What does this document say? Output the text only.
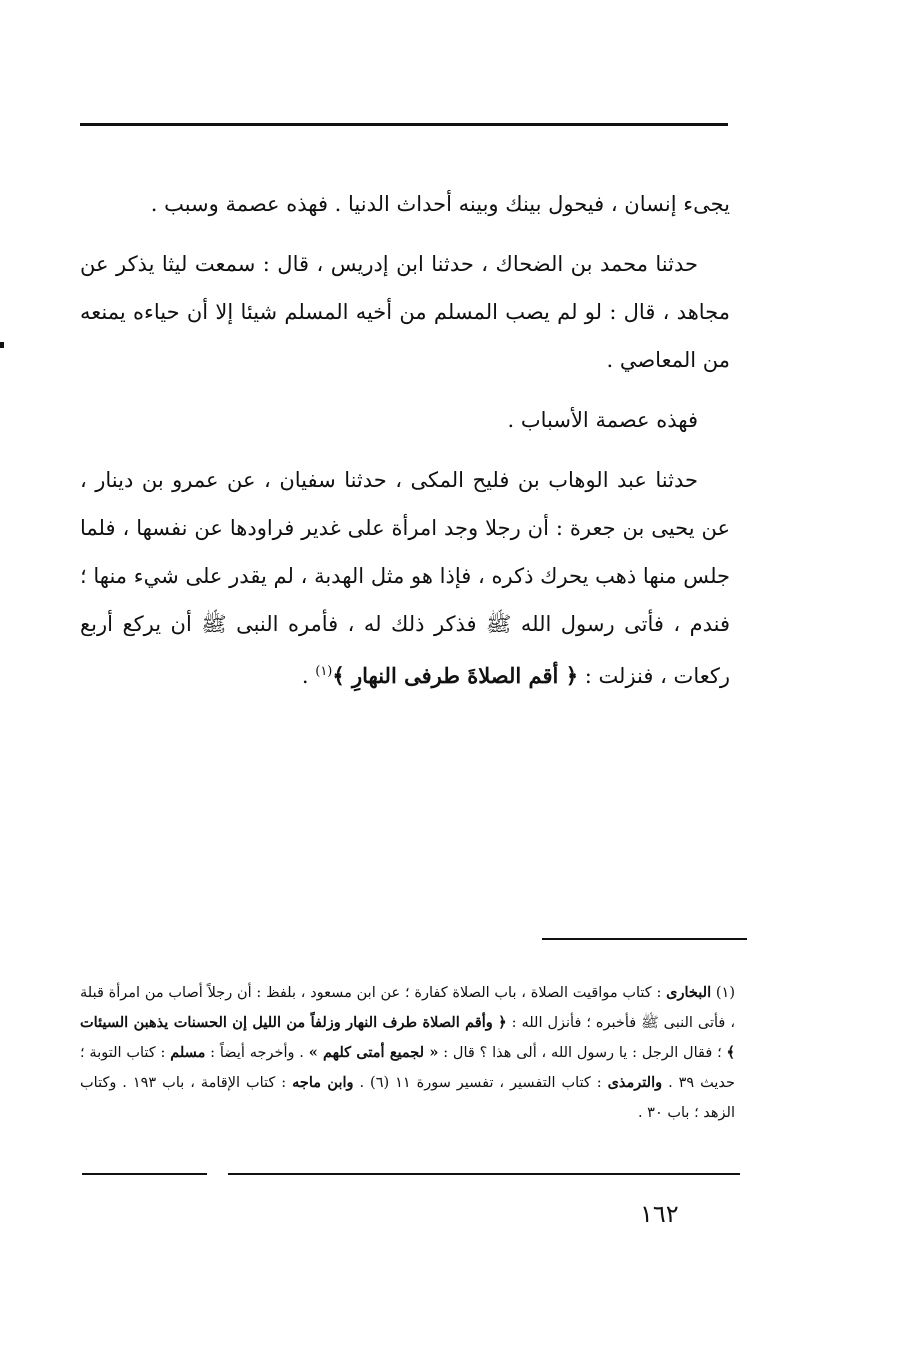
يجىء إنسان ، فيحول بينك وبينه أحداث الدنيا . فهذه عصمة وسبب .

حدثنا محمد بن الضحاك ، حدثنا ابن إدريس ، قال : سمعت ليثا يذكر عن مجاهد ، قال : لو لم يصب المسلم من أخيه المسلم شيئا إلا أن حياءه يمنعه من المعاصي .

فهذه عصمة الأسباب .

حدثنا عبد الوهاب بن فليح المكى ، حدثنا سفيان ، عن عمرو بن دينار ، عن يحيى بن جعرة : أن رجلا وجد امرأة على غدير فراودها عن نفسها ، فلما جلس منها ذهب يحرك ذكره ، فإذا هو مثل الهدبة ، لم يقدر على شيء منها ؛ فندم ، فأتى رسول الله ﷺ فذكر ذلك له ، فأمره النبى ﷺ أن يركع أربع ركعات ، فنزلت : ﴿ أقم الصلاةَ طرفى النهارِ ﴾$^{(١)}$ .

(١) البخارى : كتاب مواقيت الصلاة ، باب الصلاة كفارة ؛ عن ابن مسعود ، بلفظ : أن رجلاً أصاب من امرأة قبلة ، فأتى النبى ﷺ فأخبره ؛ فأنزل الله : ﴿ وأقم الصلاة طرف النهار وزلفاً من الليل إن الحسنات يذهبن السيئات ﴾ ؛ فقال الرجل : يا رسول الله ، ألى هذا ؟ قال : « لجميع أمتى كلهم » . وأخرجه أيضاً : مسلم : كتاب التوبة ؛ حديث ٣٩ . والترمذى : كتاب التفسير ، تفسير سورة ١١ (٦) . وابن ماجه : كتاب الإقامة ، باب ١٩٣ . وكتاب الزهد ؛ باب ٣٠ .
١٦٢
